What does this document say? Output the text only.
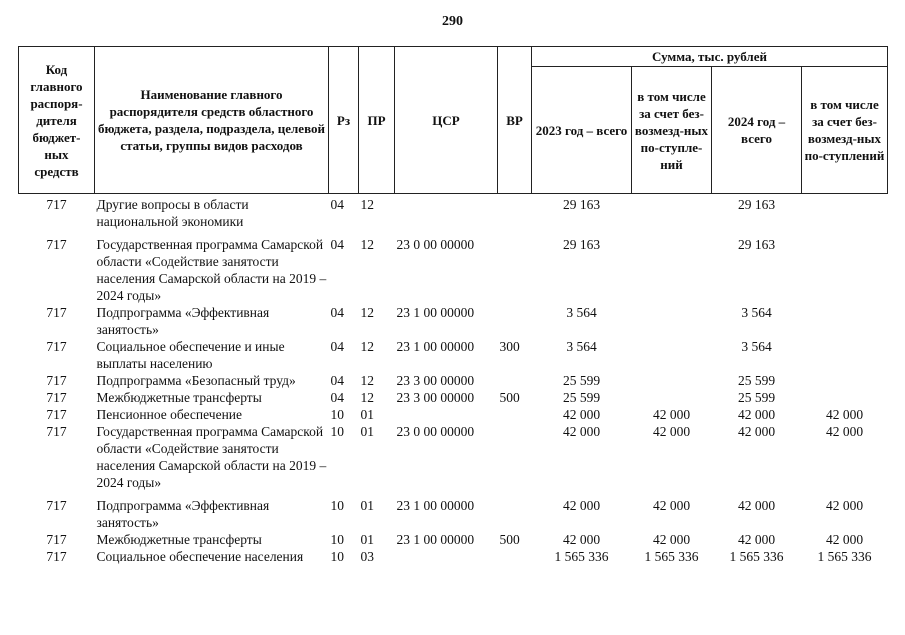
290
Код главного распоря-дителя бюджет-ных средств	Наименование главного распорядителя средств областного бюджета, раздела, подраздела, целевой статьи, группы видов расходов	Рз	ПР	ЦСР	ВР	Сумма, тыс. рублей			
						2023 год – всего	в том числе за счет без-возмезд-ных по-ступле-ний	2024 год – всего	в том числе за счет без-возмезд-ных по-ступлений
717	Другие вопросы в области национальной экономики	04	12			29 163		29 163	
717	Государственная программа Самарской области «Содействие занятости населения Самарской области на 2019 – 2024 годы»	04	12	23 0 00 00000		29 163		29 163	
717	Подпрограмма «Эффективная занятость»	04	12	23 1 00 00000		3 564		3 564	
717	Социальное обеспечение и иные выплаты населению	04	12	23 1 00 00000	300	3 564		3 564	
717	Подпрограмма «Безопасный труд»	04	12	23 3 00 00000		25 599		25 599	
717	Межбюджетные трансферты	04	12	23 3 00 00000	500	25 599		25 599	
717	Пенсионное обеспечение	10	01			42 000	42 000	42 000	42 000
717	Государственная программа Самарской области «Содействие занятости населения Самарской области на 2019 – 2024 годы»	10	01	23 0 00 00000		42 000	42 000	42 000	42 000
717	Подпрограмма «Эффективная занятость»	10	01	23 1 00 00000		42 000	42 000	42 000	42 000
717	Межбюджетные трансферты	10	01	23 1 00 00000	500	42 000	42 000	42 000	42 000
717	Социальное обеспечение населения	10	03			1 565 336	1 565 336	1 565 336	1 565 336
